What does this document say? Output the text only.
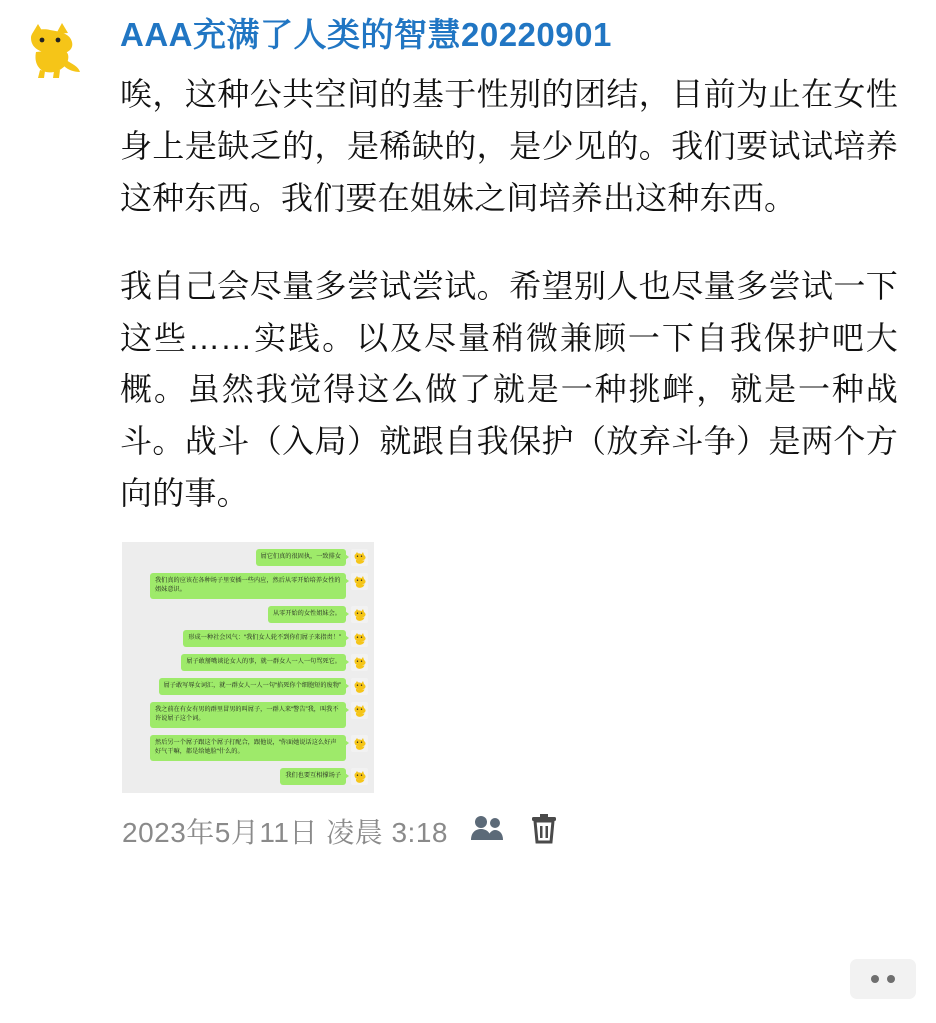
AAA充满了人类的智慧20220901

唉，这种公共空间的基于性别的团结，目前为止在女性身上是缺乏的，是稀缺的，是少见的。我们要试试培养这种东西。我们要在姐妹之间培养出这种东西。

我自己会尽量多尝试尝试。希望别人也尽量多尝试一下这些……实践。以及尽量稍微兼顾一下自我保护吧大概。虽然我觉得这么做了就是一种挑衅，就是一种战斗。战斗（入局）就跟自我保护（放弃斗争）是两个方向的事。

屌它们真的很固执，一致排女
我们真的应该在各种场子里安插一些内应，然后从零开始培养女性的姐妹意识。
从零开始的女性姐妹会。
形成一种社会风气：“我们女人轮不到你们屌子来指责！”
屌子敢掰嘴谈论女人的事，就一群女人一人一句骂死它。
屌子敢写辱女词汇，就一群女人一人一句“掐死你个细胞短的废物”
我之前在有女有男的群里冒男的叫屌子，一群人来“警告”我，叫我不许说屌子这个词。
然后另一个屌子跟这个屌子打配合，跟他说，“你面她说话这么好声好气干嘛，都是给她脸“什么的。
我们也要互相撑场子
2023年5月11日 凌晨 3:18
